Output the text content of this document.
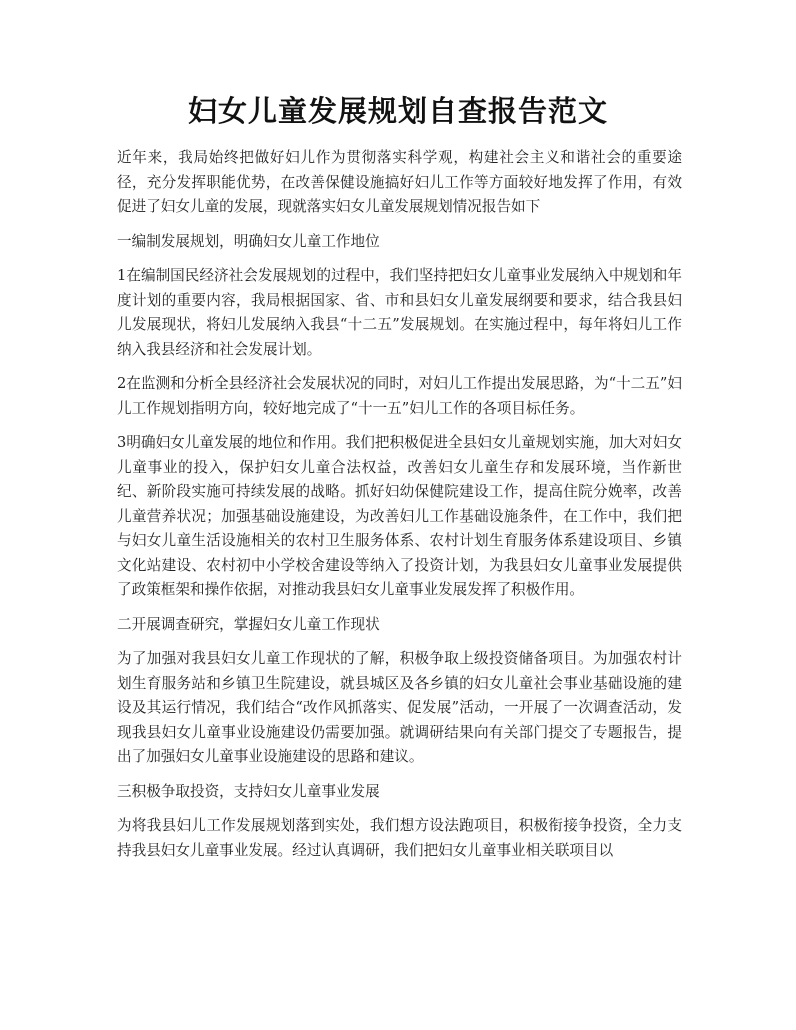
妇女儿童发展规划自查报告范文

近年来，我局始终把做好妇儿作为贯彻落实科学观，构建社会主义和谐社会的重要途径，充分发挥职能优势，在改善保健设施搞好妇儿工作等方面较好地发挥了作用，有效促进了妇女儿童的发展，现就落实妇女儿童发展规划情况报告如下

一编制发展规划，明确妇女儿童工作地位

1在编制国民经济社会发展规划的过程中，我们坚持把妇女儿童事业发展纳入中规划和年度计划的重要内容，我局根据国家、省、市和县妇女儿童发展纲要和要求，结合我县妇儿发展现状，将妇儿发展纳入我县“十二五”发展规划。在实施过程中，每年将妇儿工作纳入我县经济和社会发展计划。

2在监测和分析全县经济社会发展状况的同时，对妇儿工作提出发展思路，为“十二五”妇儿工作规划指明方向，较好地完成了“十一五”妇儿工作的各项目标任务。

3明确妇女儿童发展的地位和作用。我们把积极促进全县妇女儿童规划实施，加大对妇女儿童事业的投入，保护妇女儿童合法权益，改善妇女儿童生存和发展环境，当作新世纪、新阶段实施可持续发展的战略。抓好妇幼保健院建设工作，提高住院分娩率，改善儿童营养状况；加强基础设施建设，为改善妇儿工作基础设施条件，在工作中，我们把与妇女儿童生活设施相关的农村卫生服务体系、农村计划生育服务体系建设项目、乡镇文化站建设、农村初中小学校舍建设等纳入了投资计划，为我县妇女儿童事业发展提供了政策框架和操作依据，对推动我县妇女儿童事业发展发挥了积极作用。

二开展调查研究，掌握妇女儿童工作现状

为了加强对我县妇女儿童工作现状的了解，积极争取上级投资储备项目。为加强农村计划生育服务站和乡镇卫生院建设，就县城区及各乡镇的妇女儿童社会事业基础设施的建设及其运行情况，我们结合“改作风抓落实、促发展”活动，一开展了一次调查活动，发现我县妇女儿童事业设施建设仍需要加强。就调研结果向有关部门提交了专题报告，提出了加强妇女儿童事业设施建设的思路和建议。

三积极争取投资，支持妇女儿童事业发展

为将我县妇儿工作发展规划落到实处，我们想方设法跑项目，积极衔接争投资，全力支持我县妇女儿童事业发展。经过认真调研，我们把妇女儿童事业相关联项目以
